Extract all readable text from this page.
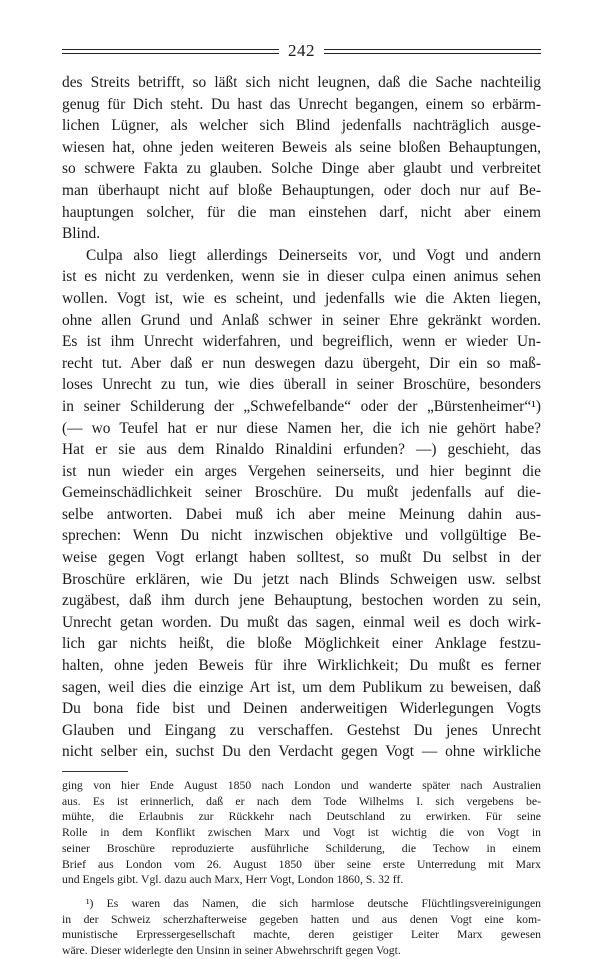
242
des Streits betrifft, so läßt sich nicht leugnen, daß die Sache nachteilig
genug für Dich steht. Du hast das Unrecht begangen, einem so erbärm-
lichen Lügner, als welcher sich Blind jedenfalls nachträglich ausge-
wiesen hat, ohne jeden weiteren Beweis als seine bloßen Behauptungen,
so schwere Fakta zu glauben. Solche Dinge aber glaubt und verbreitet
man überhaupt nicht auf bloße Behauptungen, oder doch nur auf Be-
hauptungen solcher, für die man einstehen darf, nicht aber einem
Blind.
Culpa also liegt allerdings Deinerseits vor, und Vogt und andern
ist es nicht zu verdenken, wenn sie in dieser culpa einen animus sehen
wollen. Vogt ist, wie es scheint, und jedenfalls wie die Akten liegen,
ohne allen Grund und Anlaß schwer in seiner Ehre gekränkt worden.
Es ist ihm Unrecht widerfahren, und begreiflich, wenn er wieder Un-
recht tut. Aber daß er nun deswegen dazu übergeht, Dir ein so maß-
loses Unrecht zu tun, wie dies überall in seiner Broschüre, besonders
in seiner Schilderung der „Schwefelbande“ oder der „Bürstenheimer“¹)
(— wo Teufel hat er nur diese Namen her, die ich nie gehört habe?
Hat er sie aus dem Rinaldo Rinaldini erfunden? —) geschieht, das
ist nun wieder ein arges Vergehen seinerseits, und hier beginnt die
Gemeinschädlichkeit seiner Broschüre. Du mußt jedenfalls auf die-
selbe antworten. Dabei muß ich aber meine Meinung dahin aus-
sprechen: Wenn Du nicht inzwischen objektive und vollgültige Be-
weise gegen Vogt erlangt haben solltest, so mußt Du selbst in der
Broschüre erklären, wie Du jetzt nach Blinds Schweigen usw. selbst
zugäbest, daß ihm durch jene Behauptung, bestochen worden zu sein,
Unrecht getan worden. Du mußt das sagen, einmal weil es doch wirk-
lich gar nichts heißt, die bloße Möglichkeit einer Anklage festzu-
halten, ohne jeden Beweis für ihre Wirklichkeit; Du mußt es ferner
sagen, weil dies die einzige Art ist, um dem Publikum zu beweisen, daß
Du bona fide bist und Deinen anderweitigen Widerlegungen Vogts
Glauben und Eingang zu verschaffen. Gestehst Du jenes Unrecht
nicht selber ein, suchst Du den Verdacht gegen Vogt — ohne wirkliche
ging von hier Ende August 1850 nach London und wanderte später nach Australien
aus. Es ist erinnerlich, daß er nach dem Tode Wilhelms I. sich vergebens be-
mühte, die Erlaubnis zur Rückkehr nach Deutschland zu erwirken. Für seine
Rolle in dem Konflikt zwischen Marx und Vogt ist wichtig die von Vogt in
seiner Broschüre reproduzierte ausführliche Schilderung, die Techow in einem
Brief aus London vom 26. August 1850 über seine erste Unterredung mit Marx
und Engels gibt. Vgl. dazu auch Marx, Herr Vogt, London 1860, S. 32 ff.
¹) Es waren das Namen, die sich harmlose deutsche Flüchtlingsvereinigungen
in der Schweiz scherzhafterweise gegeben hatten und aus denen Vogt eine kom-
munistische Erpressergesellschaft machte, deren geistiger Leiter Marx gewesen
wäre. Dieser widerlegte den Unsinn in seiner Abwehrschrift gegen Vogt.
